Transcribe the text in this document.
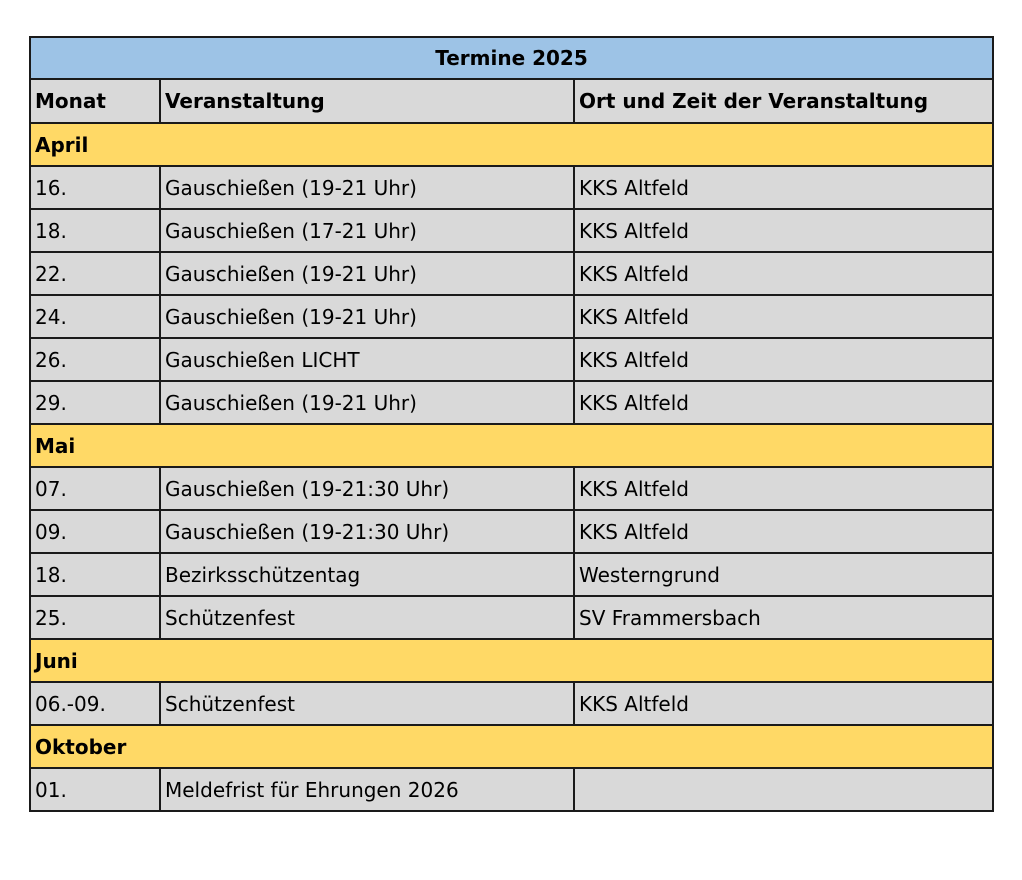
Termine 2025		
Monat	Veranstaltung	Ort und Zeit der Veranstaltung
April		
16.	Gauschießen (19-21 Uhr)	KKS Altfeld
18.	Gauschießen (17-21 Uhr)	KKS Altfeld
22.	Gauschießen (19-21 Uhr)	KKS Altfeld
24.	Gauschießen (19-21 Uhr)	KKS Altfeld
26.	Gauschießen LICHT	KKS Altfeld
29.	Gauschießen (19-21 Uhr)	KKS Altfeld
Mai		
07.	Gauschießen (19-21:30 Uhr)	KKS Altfeld
09.	Gauschießen (19-21:30 Uhr)	KKS Altfeld
18.	Bezirksschützentag	Westerngrund
25.	Schützenfest	SV Frammersbach
Juni		
06.-09.	Schützenfest	KKS Altfeld
Oktober		
01.	Meldefrist für Ehrungen 2026	
